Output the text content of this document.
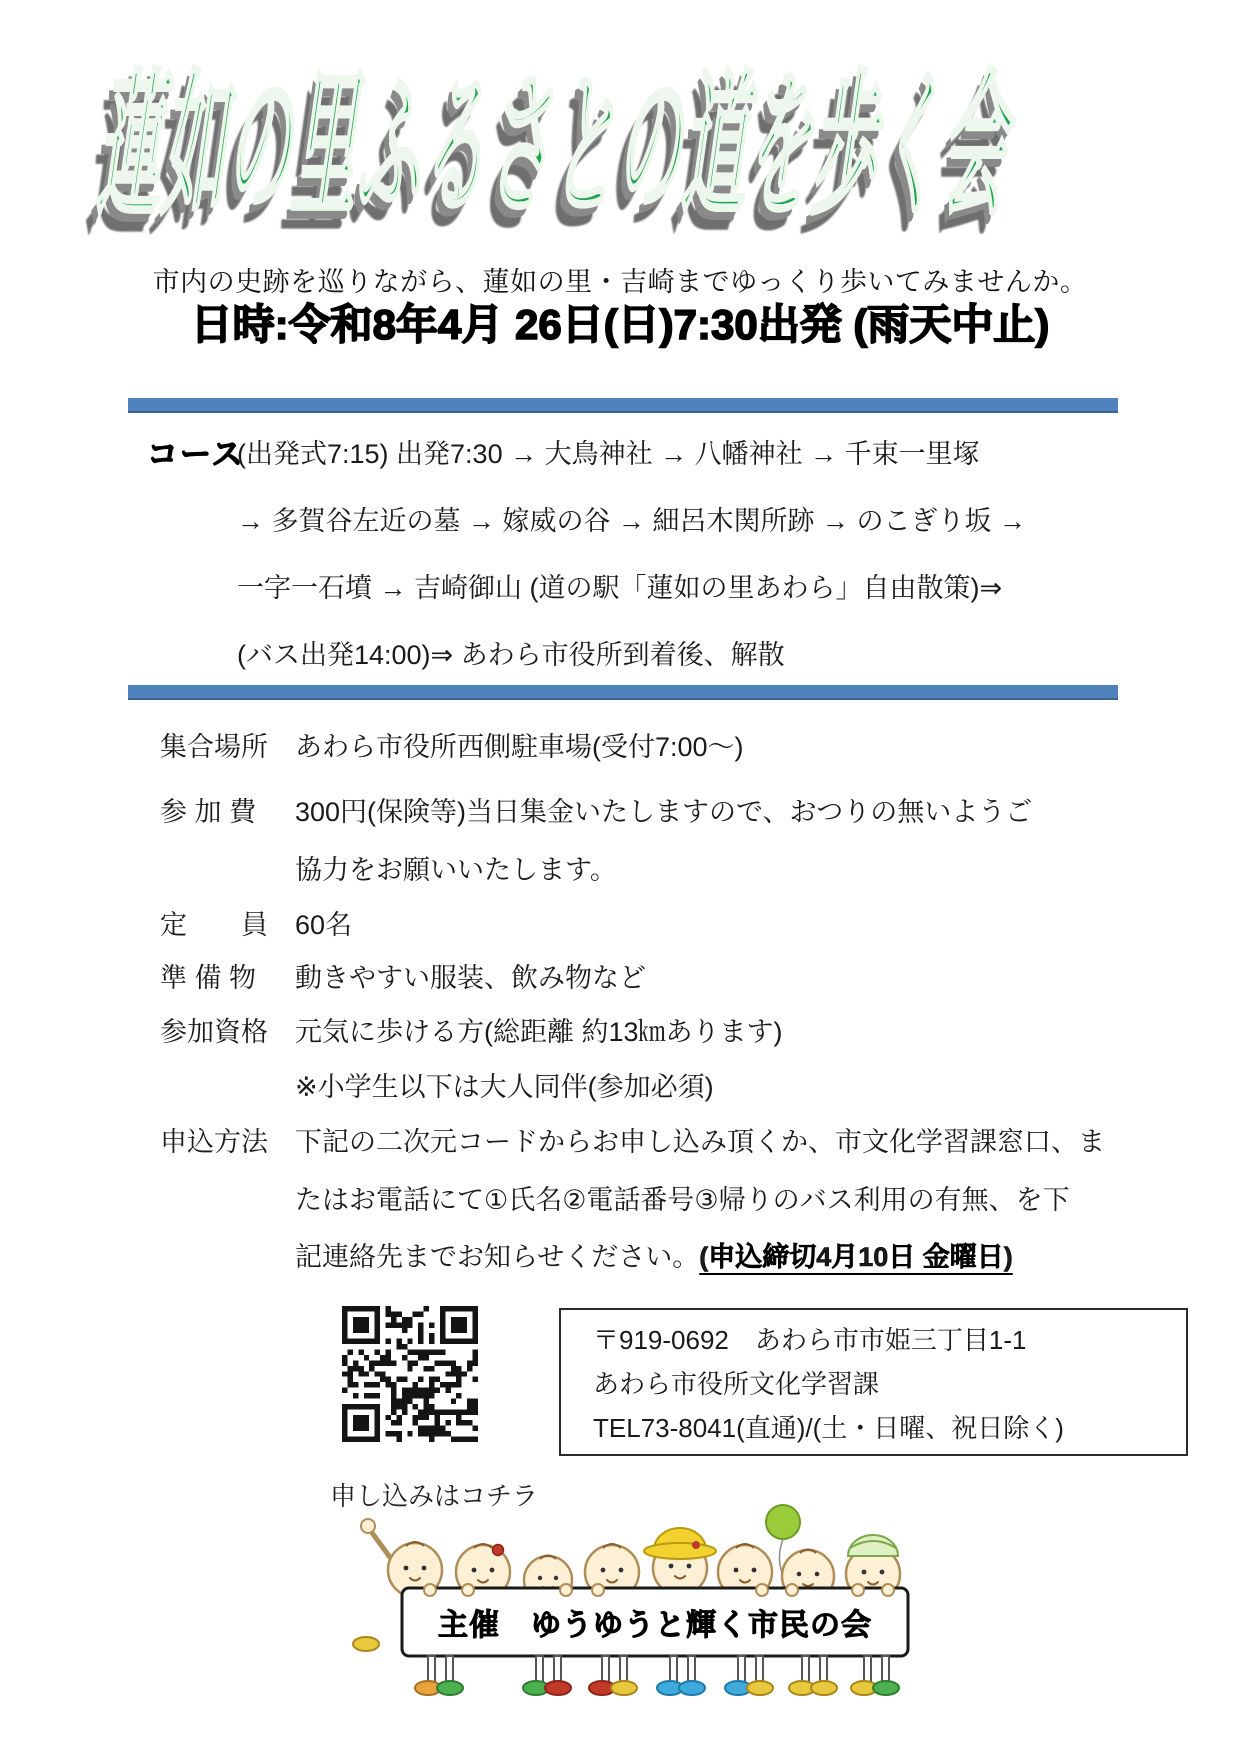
蓮如の里ふるさとの道を歩く会
市内の史跡を巡りながら、蓮如の里・吉崎までゆっくり歩いてみませんか。
日時:令和8年4月 26日(日)7:30出発 (雨天中止)
コース
(出発式7:15) 出発7:30 → 大鳥神社 → 八幡神社 → 千束一里塚
→ 多賀谷左近の墓 → 嫁威の谷 → 細呂木関所跡 → のこぎり坂 →
一字一石墳 → 吉崎御山 (道の駅「蓮如の里あわら」自由散策)⇒
(バス出発14:00)⇒ あわら市役所到着後、解散
集合場所 あわら市役所西側駐車場(受付7:00〜)
参 加 費 300円(保険等)当日集金いたしますので、おつりの無いようご
協力をお願いいたします。
定　　員 60名
準 備 物 動きやすい服装、飲み物など
参加資格 元気に歩ける方(総距離 約13㎞あります)
※小学生以下は大人同伴(参加必須)
申込方法 下記の二次元コードからお申し込み頂くか、市文化学習課窓口、ま
たはお電話にて①氏名②電話番号③帰りのバス利用の有無、を下
記連絡先までお知らせください。(申込締切4月10日 金曜日)
申し込みはコチラ
〒919-0692　あわら市市姫三丁目1-1
あわら市役所文化学習課
TEL73-8041(直通)/(土・日曜、祝日除く)
主催　ゆうゆうと輝く市民の会
